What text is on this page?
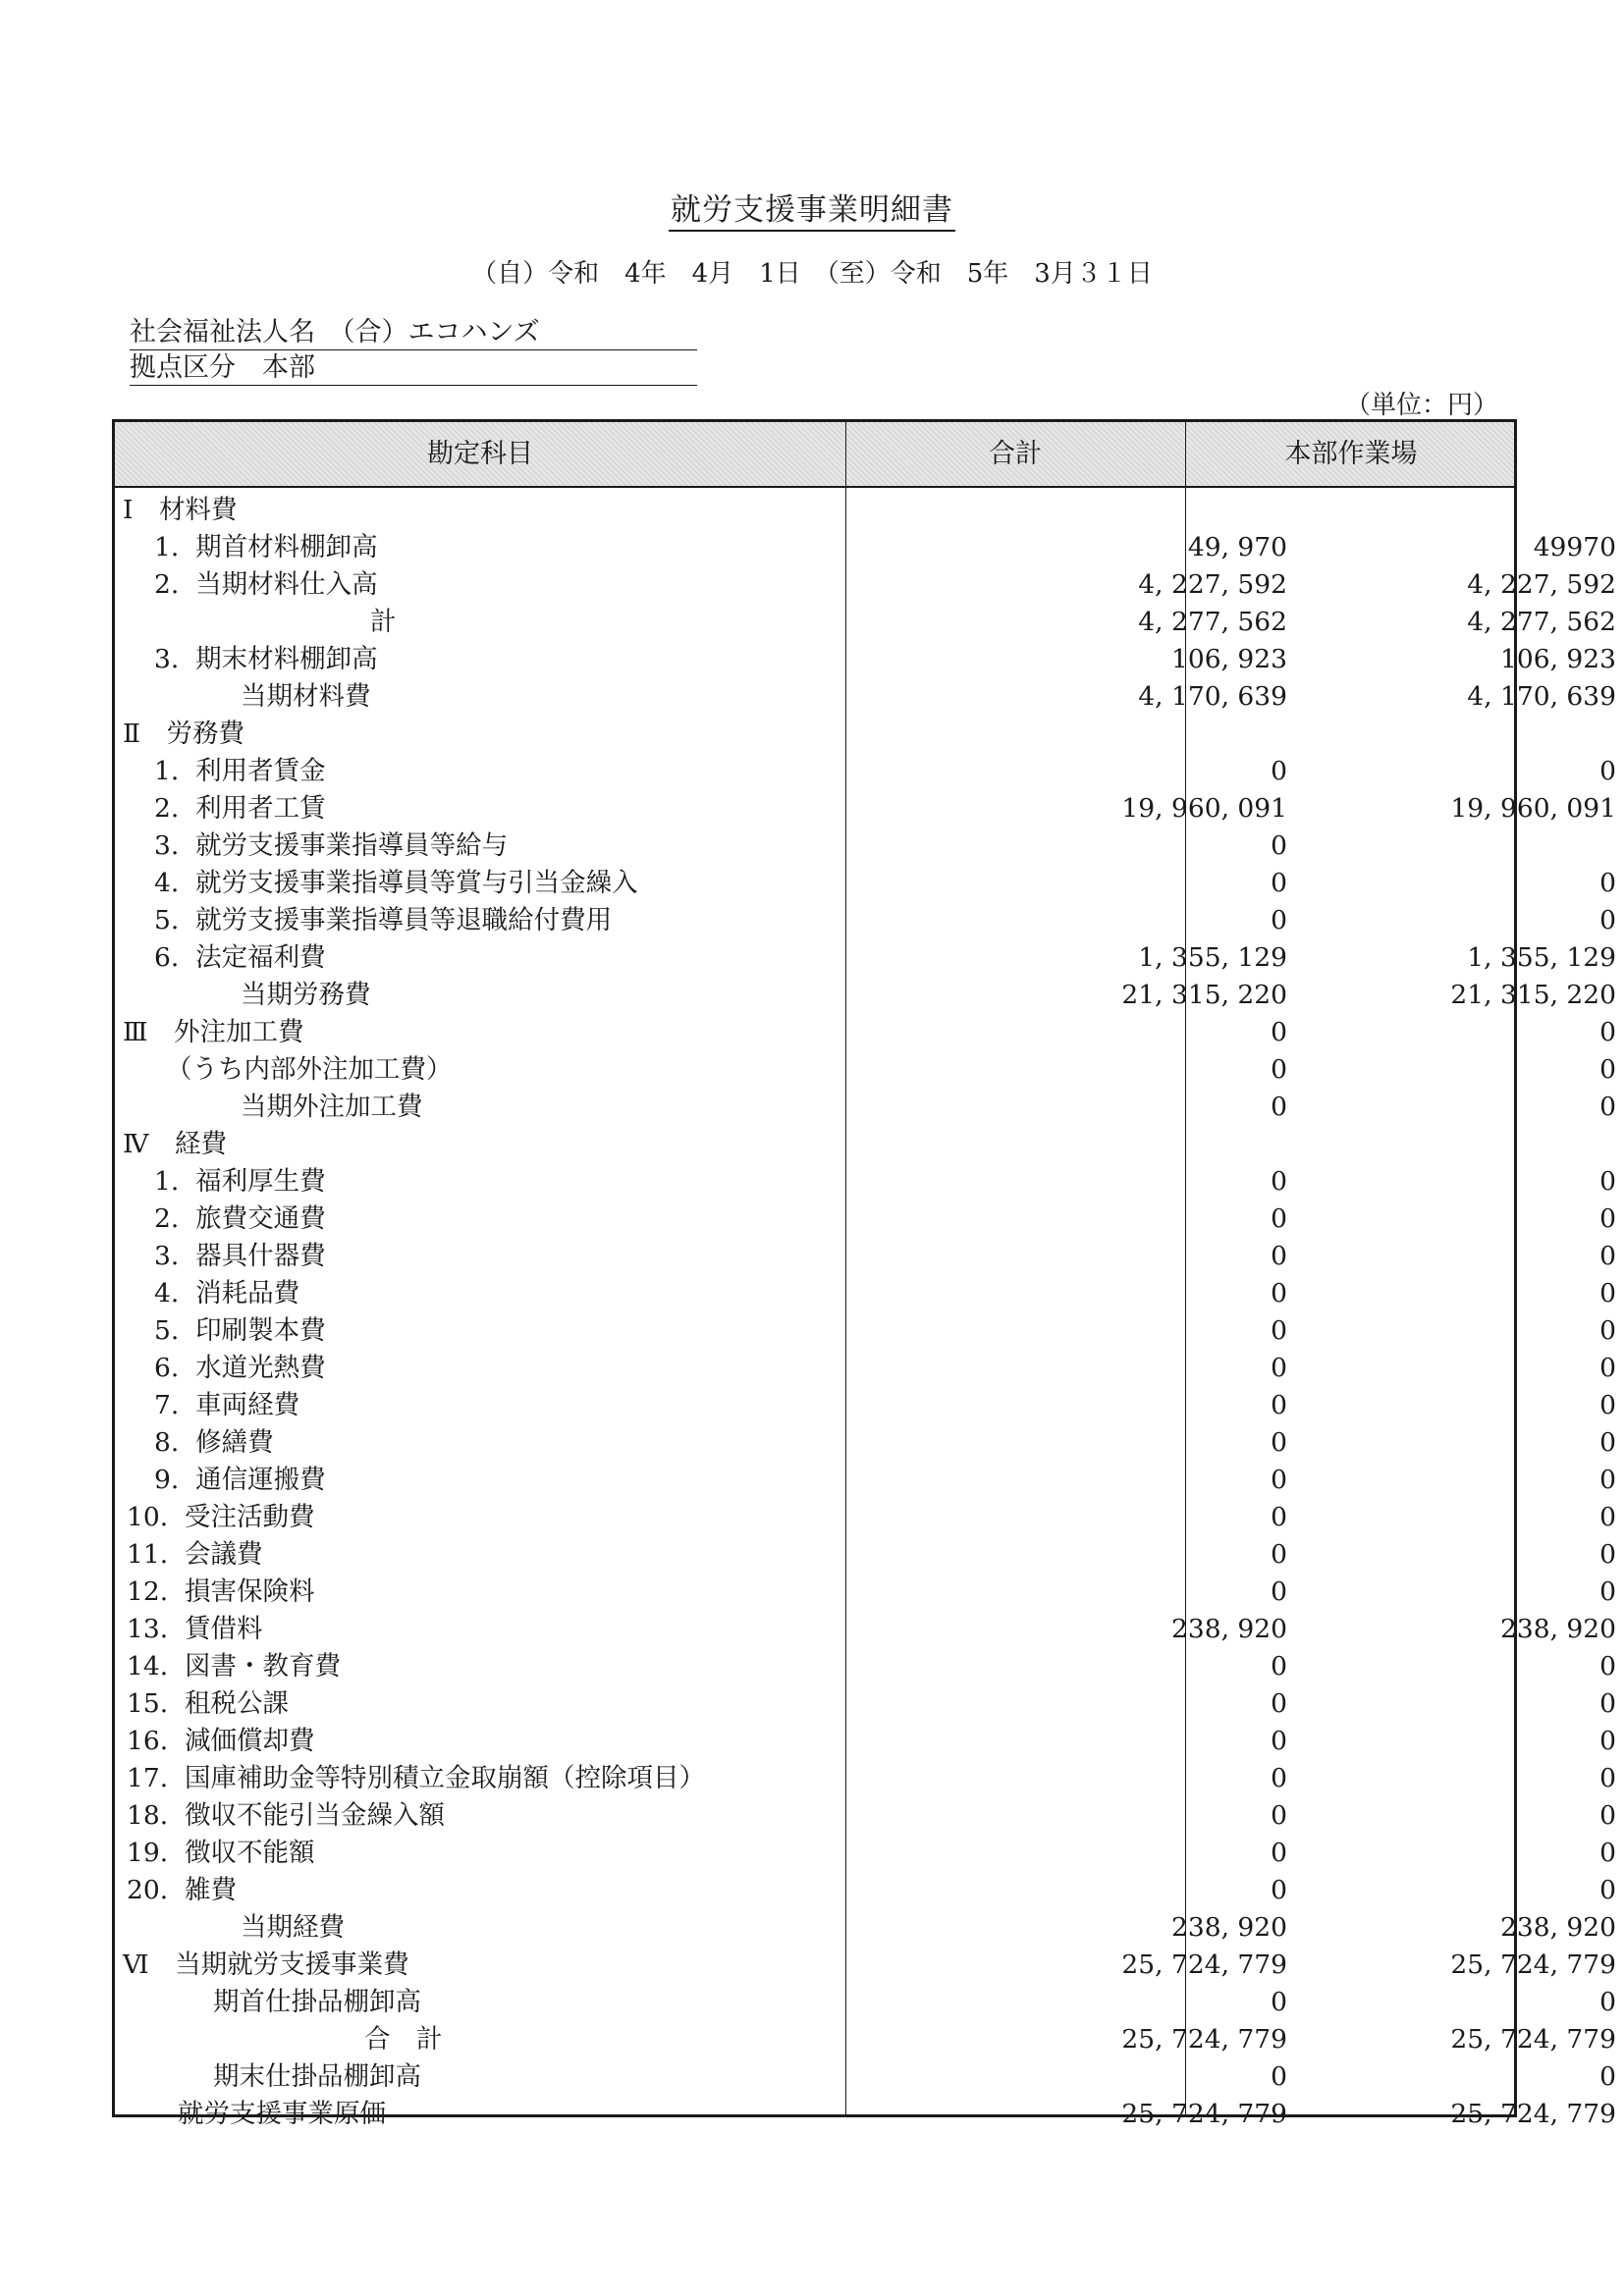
就労支援事業明細書
（自）令和　4年　4月　1日　（至）令和　5年　3月３１日
社会福祉法人名　（合）エコハンズ
拠点区分　本部
（単位：円）
勘定科目	合計	本部作業場
Ⅰ　材料費
1.  期首材料棚卸高	49, 970	49970
2.  当期材料仕入高	4, 227, 592	4, 227, 592
計	4, 277, 562	4, 277, 562
3.  期末材料棚卸高	106, 923	106, 923
当期材料費	4, 170, 639	4, 170, 639
Ⅱ　労務費
1.  利用者賃金	0	0
2.  利用者工賃	19, 960, 091	19, 960, 091
3.  就労支援事業指導員等給与	0
4.  就労支援事業指導員等賞与引当金繰入	0	0
5.  就労支援事業指導員等退職給付費用	0	0
6.  法定福利費	1, 355, 129	1, 355, 129
当期労務費	21, 315, 220	21, 315, 220
Ⅲ　外注加工費	0	0
（うち内部外注加工費）	0	0
当期外注加工費	0	0
Ⅳ　経費
1.  福利厚生費	0	0
2.  旅費交通費	0	0
3.  器具什器費	0	0
4.  消耗品費	0	0
5.  印刷製本費	0	0
6.  水道光熱費	0	0
7.  車両経費	0	0
8.  修繕費	0	0
9.  通信運搬費	0	0
10.  受注活動費	0	0
11.  会議費	0	0
12.  損害保険料	0	0
13.  賃借料	238, 920	238, 920
14.  図書・教育費	0	0
15.  租税公課	0	0
16.  減価償却費	0	0
17.  国庫補助金等特別積立金取崩額（控除項目）	0	0
18.  徴収不能引当金繰入額	0	0
19.  徴収不能額	0	0
20.  雑費	0	0
当期経費	238, 920	238, 920
Ⅵ　当期就労支援事業費	25, 724, 779	25, 724, 779
期首仕掛品棚卸高	0	0
合　計	25, 724, 779	25, 724, 779
期末仕掛品棚卸高	0	0
就労支援事業原価	25, 724, 779	25, 724, 779
